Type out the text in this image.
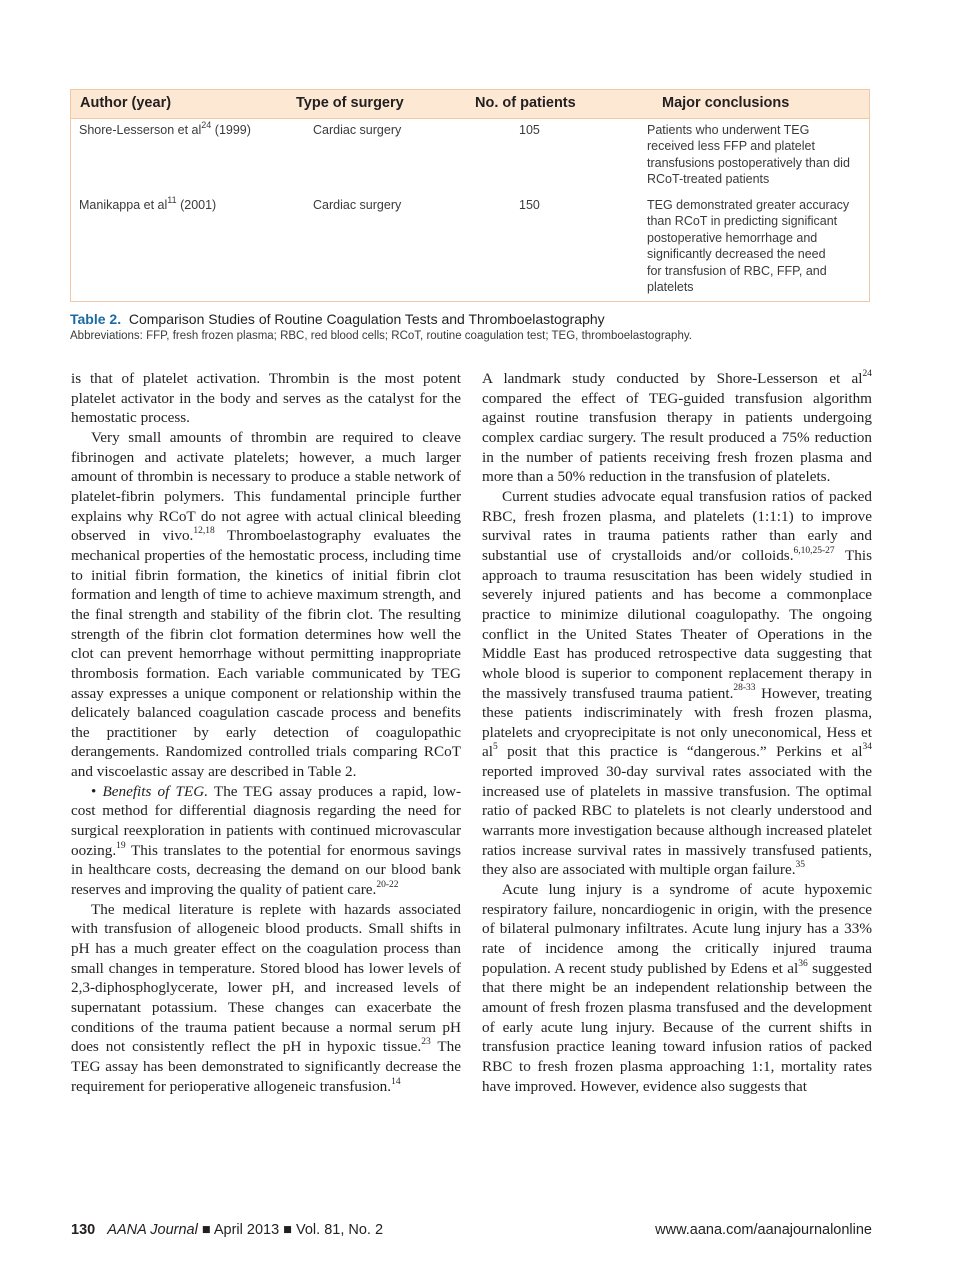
Author (year)	Type of surgery	No. of patients	Major conclusions
Shore-Lesserson et $al^{24}$ (1999)	Cardiac surgery	105	Patients who underwent TEG
received less FFP and platelet
transfusions postoperatively than did
RCoT-treated patients
Manikappa et $al^{11}$ (2001)	Cardiac surgery	150	TEG demonstrated greater accuracy
than RCoT in predicting significant
postoperative hemorrhage and
significantly decreased the need
for transfusion of RBC, FFP, and
platelets
Table 2. Comparison Studies of Routine Coagulation Tests and Thromboelastography
Abbreviations: FFP, fresh frozen plasma; RBC, red blood cells; RCoT, routine coagulation test; TEG, thromboelastography.

is that of platelet activation. Thrombin is the most potent platelet activator in the body and serves as the catalyst for the hemostatic process.

Very small amounts of thrombin are required to cleave fibrinogen and activate platelets; however, a much larger amount of thrombin is necessary to produce a stable network of platelet-fibrin polymers. This fundamental principle further explains why RCoT do not agree with actual clinical bleeding observed in vivo.$^{12,18}$ Thromboelastography evaluates the mechanical properties of the hemostatic process, including time to initial fibrin formation, the kinetics of initial fibrin clot formation and length of time to achieve maximum strength, and the final strength and stability of the fibrin clot. The resulting strength of the fibrin clot formation determines how well the clot can prevent hemorrhage without permitting inappropriate thrombosis formation. Each variable communicated by TEG assay expresses a unique component or relationship within the delicately balanced coagulation cascade process and benefits the practitioner by early detection of coagulopathic derangements. Randomized controlled trials comparing RCoT and viscoelastic assay are described in Table 2.

• Benefits of TEG. The TEG assay produces a rapid, low-cost method for differential diagnosis regarding the need for surgical reexploration in patients with continued microvascular oozing.$^{19}$ This translates to the potential for enormous savings in healthcare costs, decreasing the demand on our blood bank reserves and improving the quality of patient care.$^{20-22}$

The medical literature is replete with hazards associated with transfusion of allogeneic blood products. Small shifts in pH has a much greater effect on the coagulation process than small changes in temperature. Stored blood has lower levels of 2,3-diphosphoglycerate, lower pH, and increased levels of supernatant potassium. These changes can exacerbate the conditions of the trauma patient because a normal serum pH does not consistently reflect the pH in hypoxic tissue.$^{23}$ The TEG assay has been demonstrated to significantly decrease the requirement for perioperative allogeneic transfusion.$^{14}$

A landmark study conducted by Shore-Lesserson et $al^{24}$ compared the effect of TEG-guided transfusion algorithm against routine transfusion therapy in patients undergoing complex cardiac surgery. The result produced a 75% reduction in the number of patients receiving fresh frozen plasma and more than a 50% reduction in the transfusion of platelets.

Current studies advocate equal transfusion ratios of packed RBC, fresh frozen plasma, and platelets (1:1:1) to improve survival rates in trauma patients rather than early and substantial use of crystalloids and/or colloids.$^{6,10,25-27}$ This approach to trauma resuscitation has been widely studied in severely injured patients and has become a commonplace practice to minimize dilutional coagulopathy. The ongoing conflict in the United States Theater of Operations in the Middle East has produced retrospective data suggesting that whole blood is superior to component replacement therapy in the massively transfused trauma patient.$^{28-33}$ However, treating these patients indiscriminately with fresh frozen plasma, platelets and cryoprecipitate is not only uneconomical, Hess et $al^5$ posit that this practice is “dangerous.” Perkins et $al^{34}$ reported improved 30-day survival rates associated with the increased use of platelets in massive transfusion. The optimal ratio of packed RBC to platelets is not clearly understood and warrants more investigation because although increased platelet ratios increase survival rates in massively transfused patients, they also are associated with multiple organ failure.$^{35}$

Acute lung injury is a syndrome of acute hypoxemic respiratory failure, noncardiogenic in origin, with the presence of bilateral pulmonary infiltrates. Acute lung injury has a 33% rate of incidence among the critically injured trauma population. A recent study published by Edens et $al^{36}$ suggested that there might be an independent relationship between the amount of fresh frozen plasma transfused and the development of early acute lung injury. Because of the current shifts in transfusion practice leaning toward infusion ratios of packed RBC to fresh frozen plasma approaching 1:1, mortality rates have improved. However, evidence also suggests that

130 AANA Journal ■ April 2013 ■ Vol. 81, No. 2	www.aana.com/aanajournalonline
